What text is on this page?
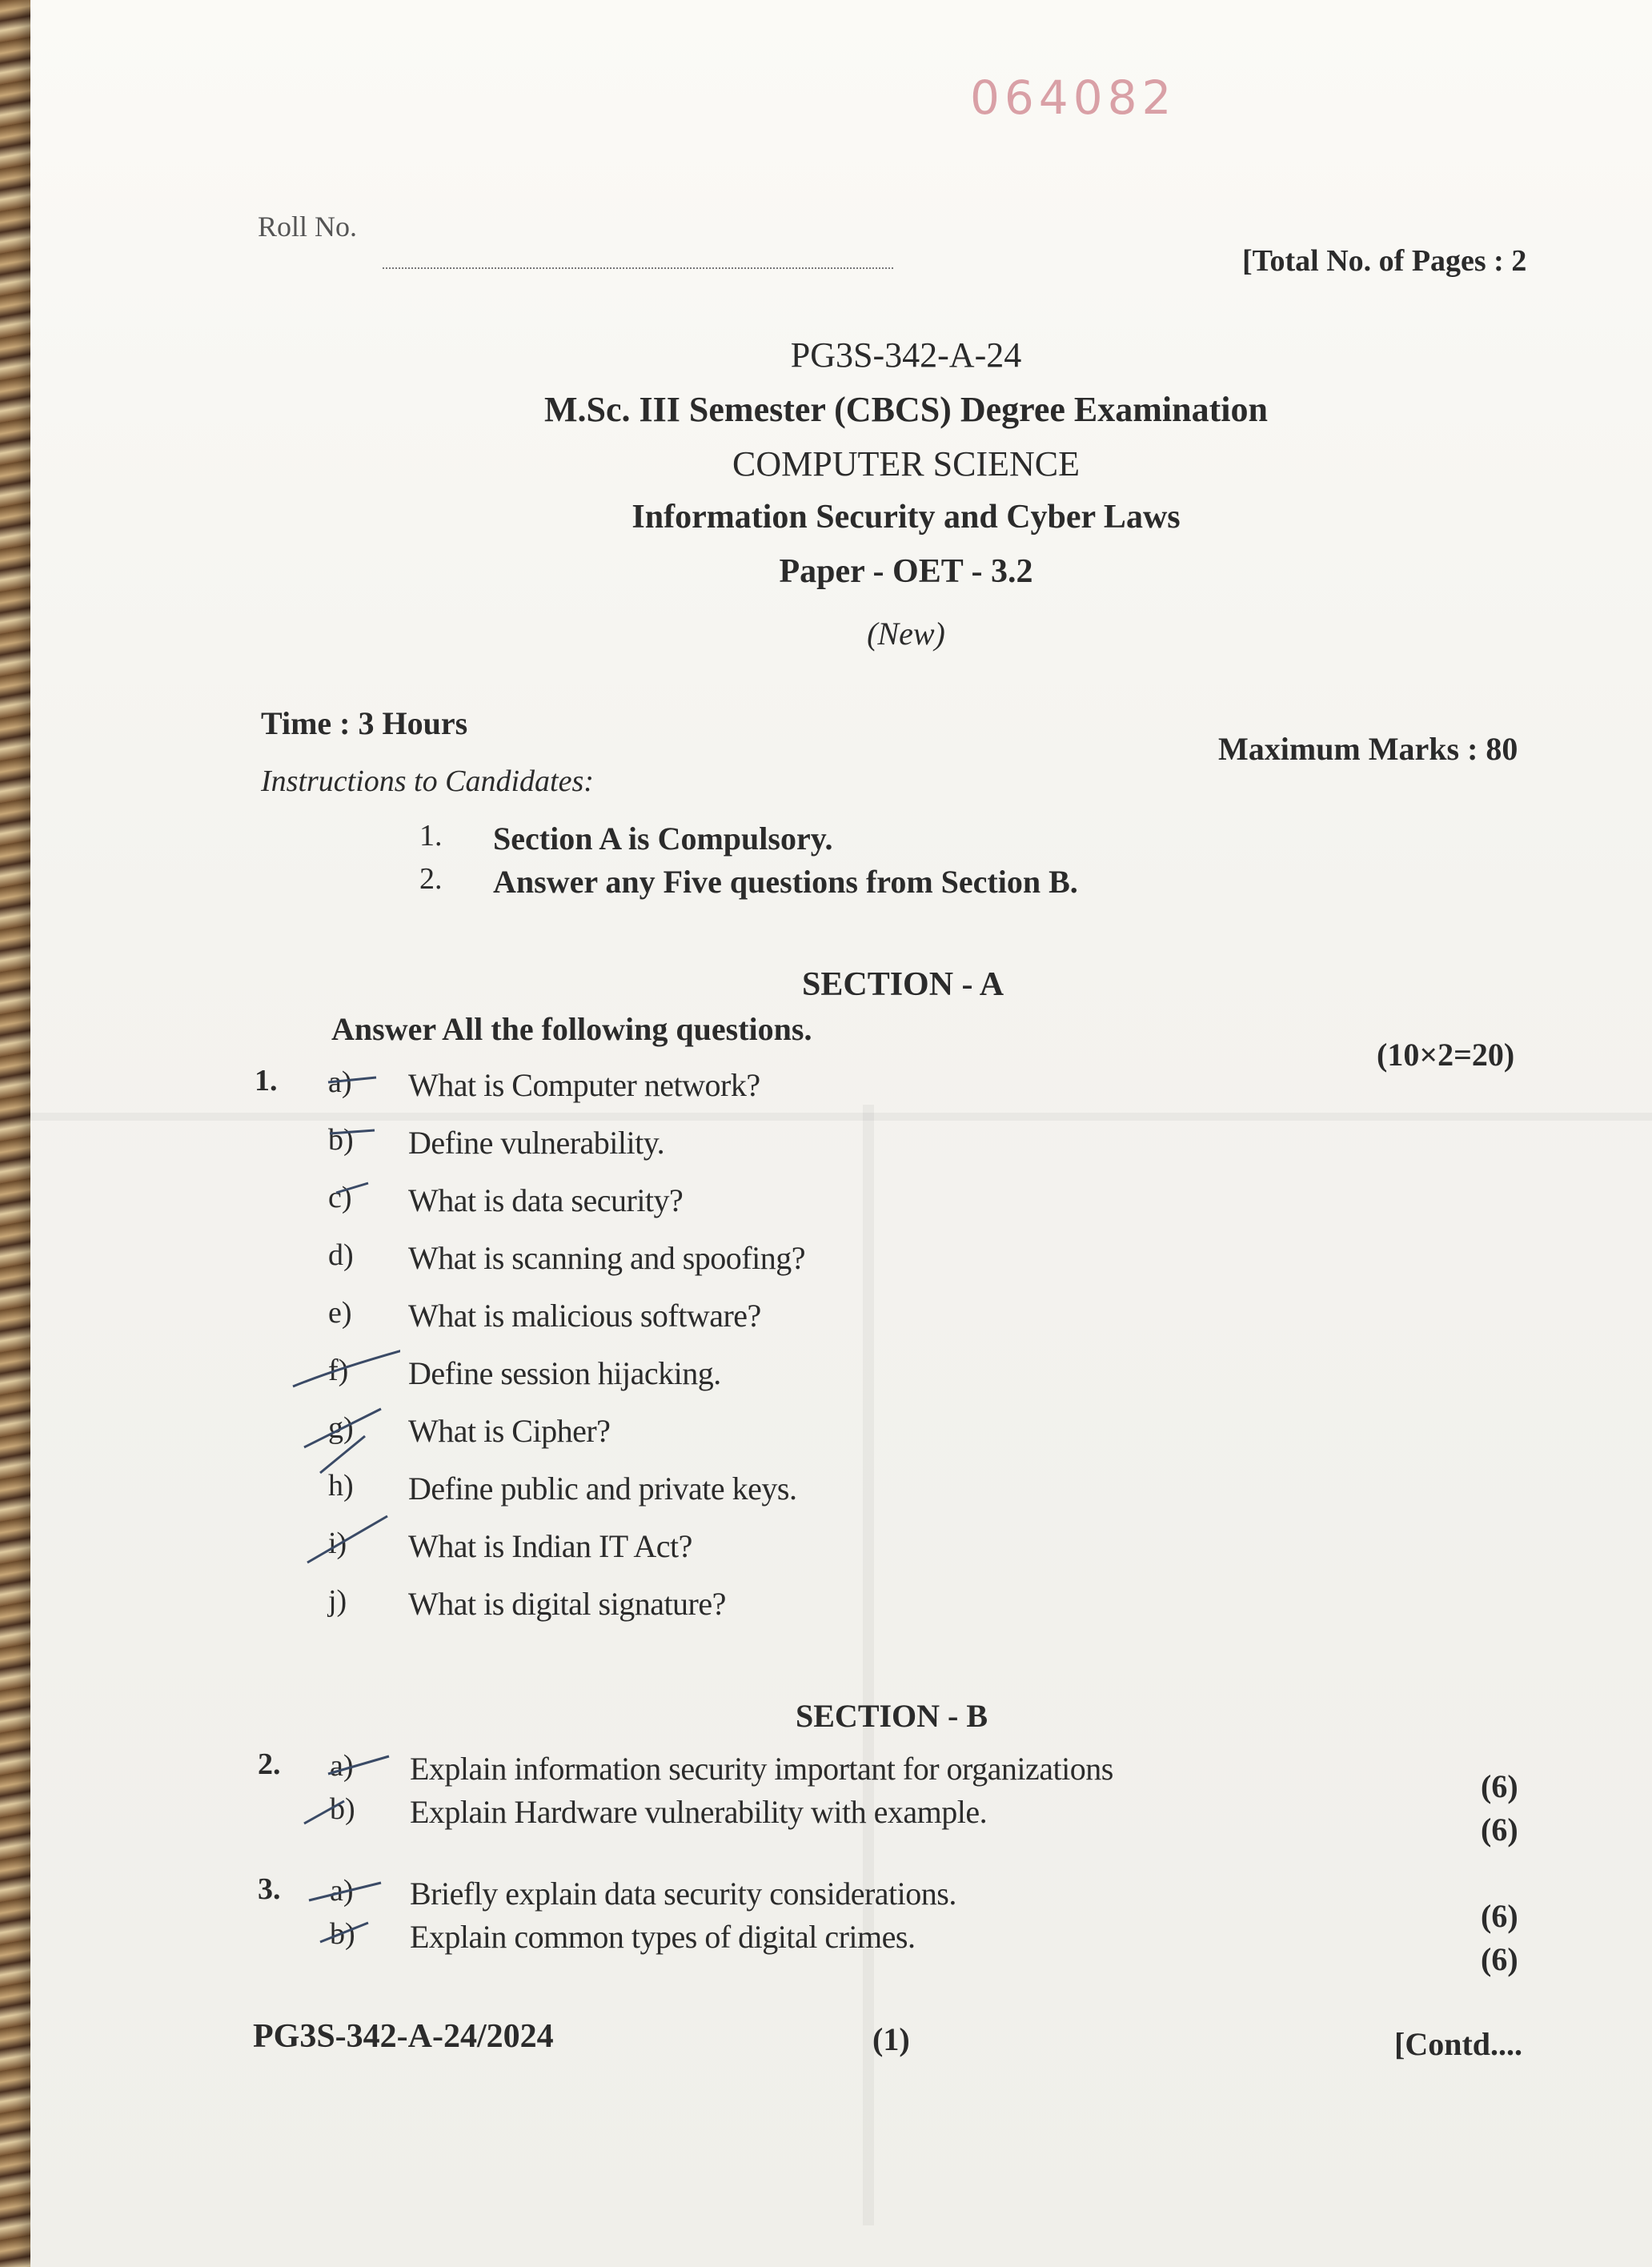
064082
Roll No.
[Total No. of Pages : 2
PG3S-342-A-24
M.Sc. III Semester (CBCS) Degree Examination
COMPUTER SCIENCE
Information Security and Cyber Laws
Paper - OET - 3.2
(New)
Time : 3 Hours
Maximum Marks : 80
Instructions to Candidates:
1. Section A is Compulsory.
2. Answer any Five questions from Section B.
SECTION - A
Answer All the following questions.
(10×2=20)
1. a) What is Computer network?
b) Define vulnerability.
c) What is data security?
d) What is scanning and spoofing?
e) What is malicious software?
f) Define session hijacking.
g) What is Cipher?
h) Define public and private keys.
i) What is Indian IT Act?
j) What is digital signature?
SECTION - B
2. a) Explain information security important for organizations	(6)
b) Explain Hardware vulnerability with example.	(6)
3. a) Briefly explain data security considerations.
(6)
b) Explain common types of digital crimes.
(6)
PG3S-342-A-24/2024	(1)	[Contd....
